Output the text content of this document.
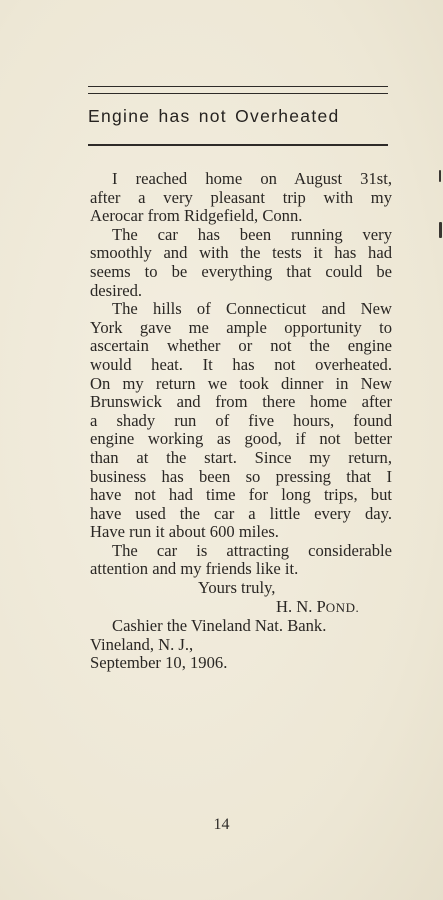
Engine has not Overheated
I reached home on August 31st,
after a very pleasant trip with my
Aerocar from Ridgefield, Conn.
The car has been running very
smoothly and with the tests it has had
seems to be everything that could be
desired.
The hills of Connecticut and New
York gave me ample opportunity to
ascertain whether or not the engine
would heat. It has not overheated.
On my return we took dinner in New
Brunswick and from there home after
a shady run of five hours, found
engine working as good, if not better
than at the start. Since my return,
business has been so pressing that I
have not had time for long trips, but
have used the car a little every day.
Have run it about 600 miles.
The car is attracting considerable
attention and my friends like it.
Yours truly,
H. N. POND.
Cashier the Vineland Nat. Bank.
Vineland, N. J.,
September 10, 1906.
14
